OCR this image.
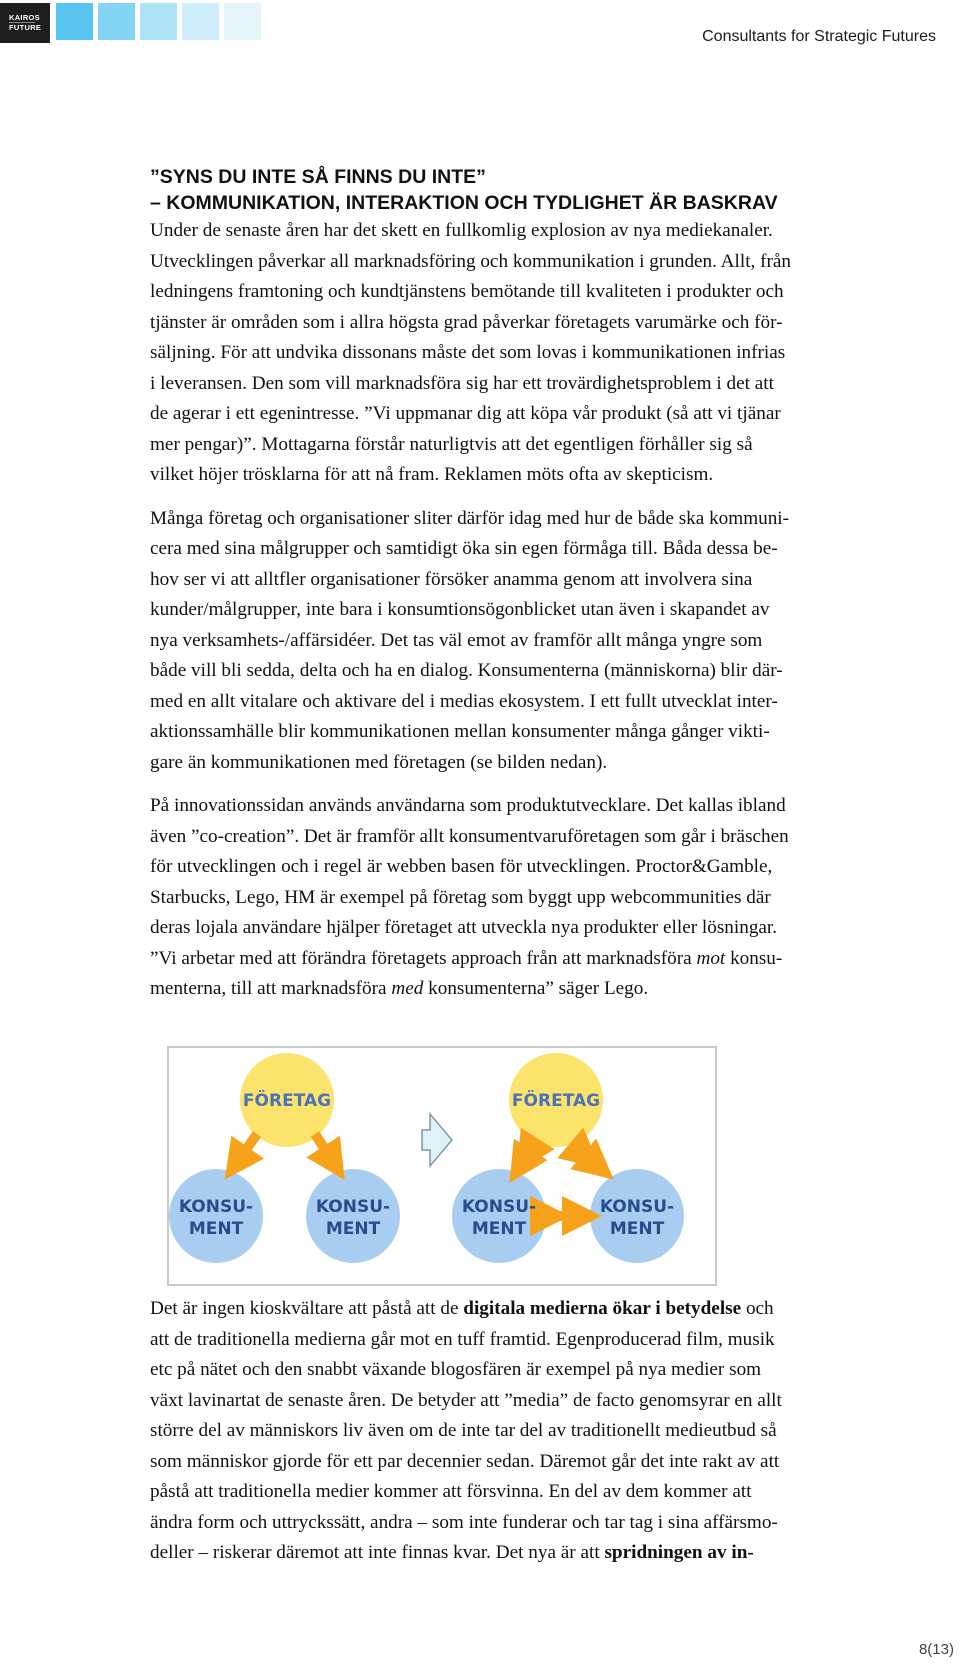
KAIROS
FUTURE
Consultants for Strategic Futures
”SYNS DU INTE SÅ FINNS DU INTE”
– KOMMUNIKATION, INTERAKTION OCH TYDLIGHET ÄR BASKRAV

Under de senaste åren har det skett en fullkomlig explosion av nya mediekanaler.
Utvecklingen påverkar all marknadsföring och kommunikation i grunden. Allt, från
ledningens framtoning och kundtjänstens bemötande till kvaliteten i produkter och
tjänster är områden som i allra högsta grad påverkar företagets varumärke och för-
säljning. För att undvika dissonans måste det som lovas i kommunikationen infrias
i leveransen. Den som vill marknadsföra sig har ett trovärdighetsproblem i det att
de agerar i ett egenintresse. ”Vi uppmanar dig att köpa vår produkt (så att vi tjänar
mer pengar)”. Mottagarna förstår naturligtvis att det egentligen förhåller sig så
vilket höjer trösklarna för att nå fram. Reklamen möts ofta av skepticism.

Många företag och organisationer sliter därför idag med hur de både ska kommuni-
cera med sina målgrupper och samtidigt öka sin egen förmåga till. Båda dessa be-
hov ser vi att alltfler organisationer försöker anamma genom att involvera sina
kunder/målgrupper, inte bara i konsumtionsögonblicket utan även i skapandet av
nya verksamhets-/affärsidéer. Det tas väl emot av framför allt många yngre som
både vill bli sedda, delta och ha en dialog. Konsumenterna (människorna) blir där-
med en allt vitalare och aktivare del i medias ekosystem. I ett fullt utvecklat inter-
aktionssamhälle blir kommunikationen mellan konsumenter många gånger vikti-
gare än kommunikationen med företagen (se bilden nedan).

På innovationssidan används användarna som produktutvecklare. Det kallas ibland
även ”co-creation”. Det är framför allt konsumentvaruföretagen som går i bräschen
för utvecklingen och i regel är webben basen för utvecklingen. Proctor&Gamble,
Starbucks, Lego, HM är exempel på företag som byggt upp webcommunities där
deras lojala användare hjälper företaget att utveckla nya produkter eller lösningar.
”Vi arbetar med att förändra företagets approach från att marknadsföra mot konsu-
menterna, till att marknadsföra med konsumenterna” säger Lego.

FÖRETAG
KONSU-
MENT
KONSU-
MENT
FÖRETAG
KONSU-
MENT
KONSU-
MENT

Det är ingen kioskvältare att påstå att de digitala medierna ökar i betydelse och
att de traditionella medierna går mot en tuff framtid. Egenproducerad film, musik
etc på nätet och den snabbt växande blogosfären är exempel på nya medier som
växt lavinartat de senaste åren. De betyder att ”media” de facto genomsyrar en allt
större del av människors liv även om de inte tar del av traditionellt medieutbud så
som människor gjorde för ett par decennier sedan. Däremot går det inte rakt av att
påstå att traditionella medier kommer att försvinna. En del av dem kommer att
ändra form och uttryckssätt, andra – som inte funderar och tar tag i sina affärsmo-
deller – riskerar däremot att inte finnas kvar. Det nya är att spridningen av in-

8(13)
